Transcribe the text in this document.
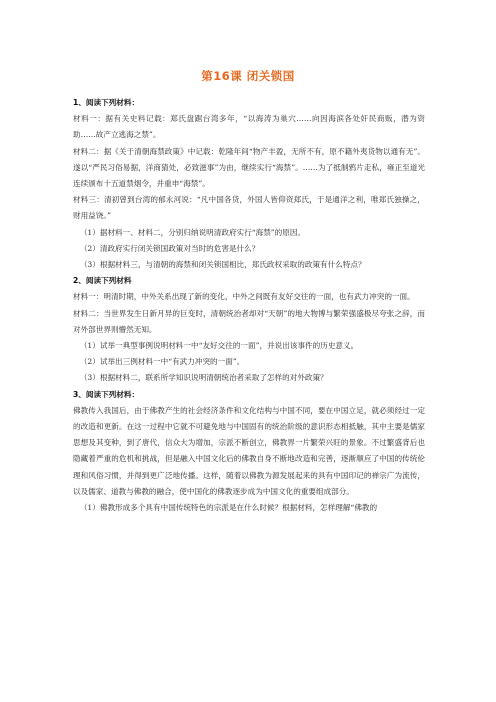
第16课 闭关锁国

1、阅读下列材料：

材料一：据有关史料记载：郑氏盘踞台湾多年，“以海涛为巢穴……向因海滨各处奸民商贩，潜为资助……故产立逃海之禁”。

材料二：据《关于清朝海禁政策》中记载：乾隆年间“物产丰盈，无所不有，原不籍外夷货物以通有无”。遂以“严民习俗易据，洋商猜处，必致滋事”为由，继续实行“海禁”。……为了抵制鸦片走私，雍正至道光连续颁布十五道禁烟令，并重申“海禁”。

材料三：清初曾到台湾的郁永河说：“凡中国各货，外国人皆仰资郑氏，于是通洋之利，唯郑氏独操之，财用益饶。”

（1）据材料一、材料二，分别归纳说明清政府实行“海禁”的原因。

（2）清政府实行闭关锁国政策对当时的危害是什么？

（3）根据材料三，与清朝的海禁和闭关锁国相比，郑氏政权采取的政策有什么特点？

2、阅读下列材料

材料一：明清时期，中外关系出现了新的变化，中外之间既有友好交往的一面，也有武力冲突的一面。

材料二：当世界发生日新月异的巨变时，清朝统治者却对“天朝”的地大物博与繁荣强盛极尽夸张之辞，而对外部世界则懵然无知。

（1）试举一典型事例说明材料一中“友好交往的一面”，并说出该事件的历史意义。

（2）试举出三例材料一中“有武力冲突的一面”。

（3）根据材料二，联系所学知识说明清朝统治者采取了怎样的对外政策？

3、阅读下列材料：

佛教传入我国后，由于佛教产生的社会经济条件和文化结构与中国不同，要在中国立足，就必须经过一定的改造和更新。在这一过程中它就不可避免地与中国固有的统治阶级的意识形态相抵触，其中主要是儒家思想及其变种，到了唐代，信众大为增加，宗派不断创立，佛教界一片繁荣兴旺的景象。不过繁盛背后也隐藏着严重的危机和挑战，但是融入中国文化后的佛教自身不断地改造和完善，逐渐顺应了中国的传统伦理和风俗习惯，并得到更广泛地传播。这样，随着以佛教为源发展起来的具有中国印记的禅宗广为流传，以及儒家、道教与佛教的融合，使中国化的佛教逐步成为中国文化的重要组成部分。

（1）佛教形成多个具有中国传统特色的宗派是在什么时候？根据材料，怎样理解“佛教的
